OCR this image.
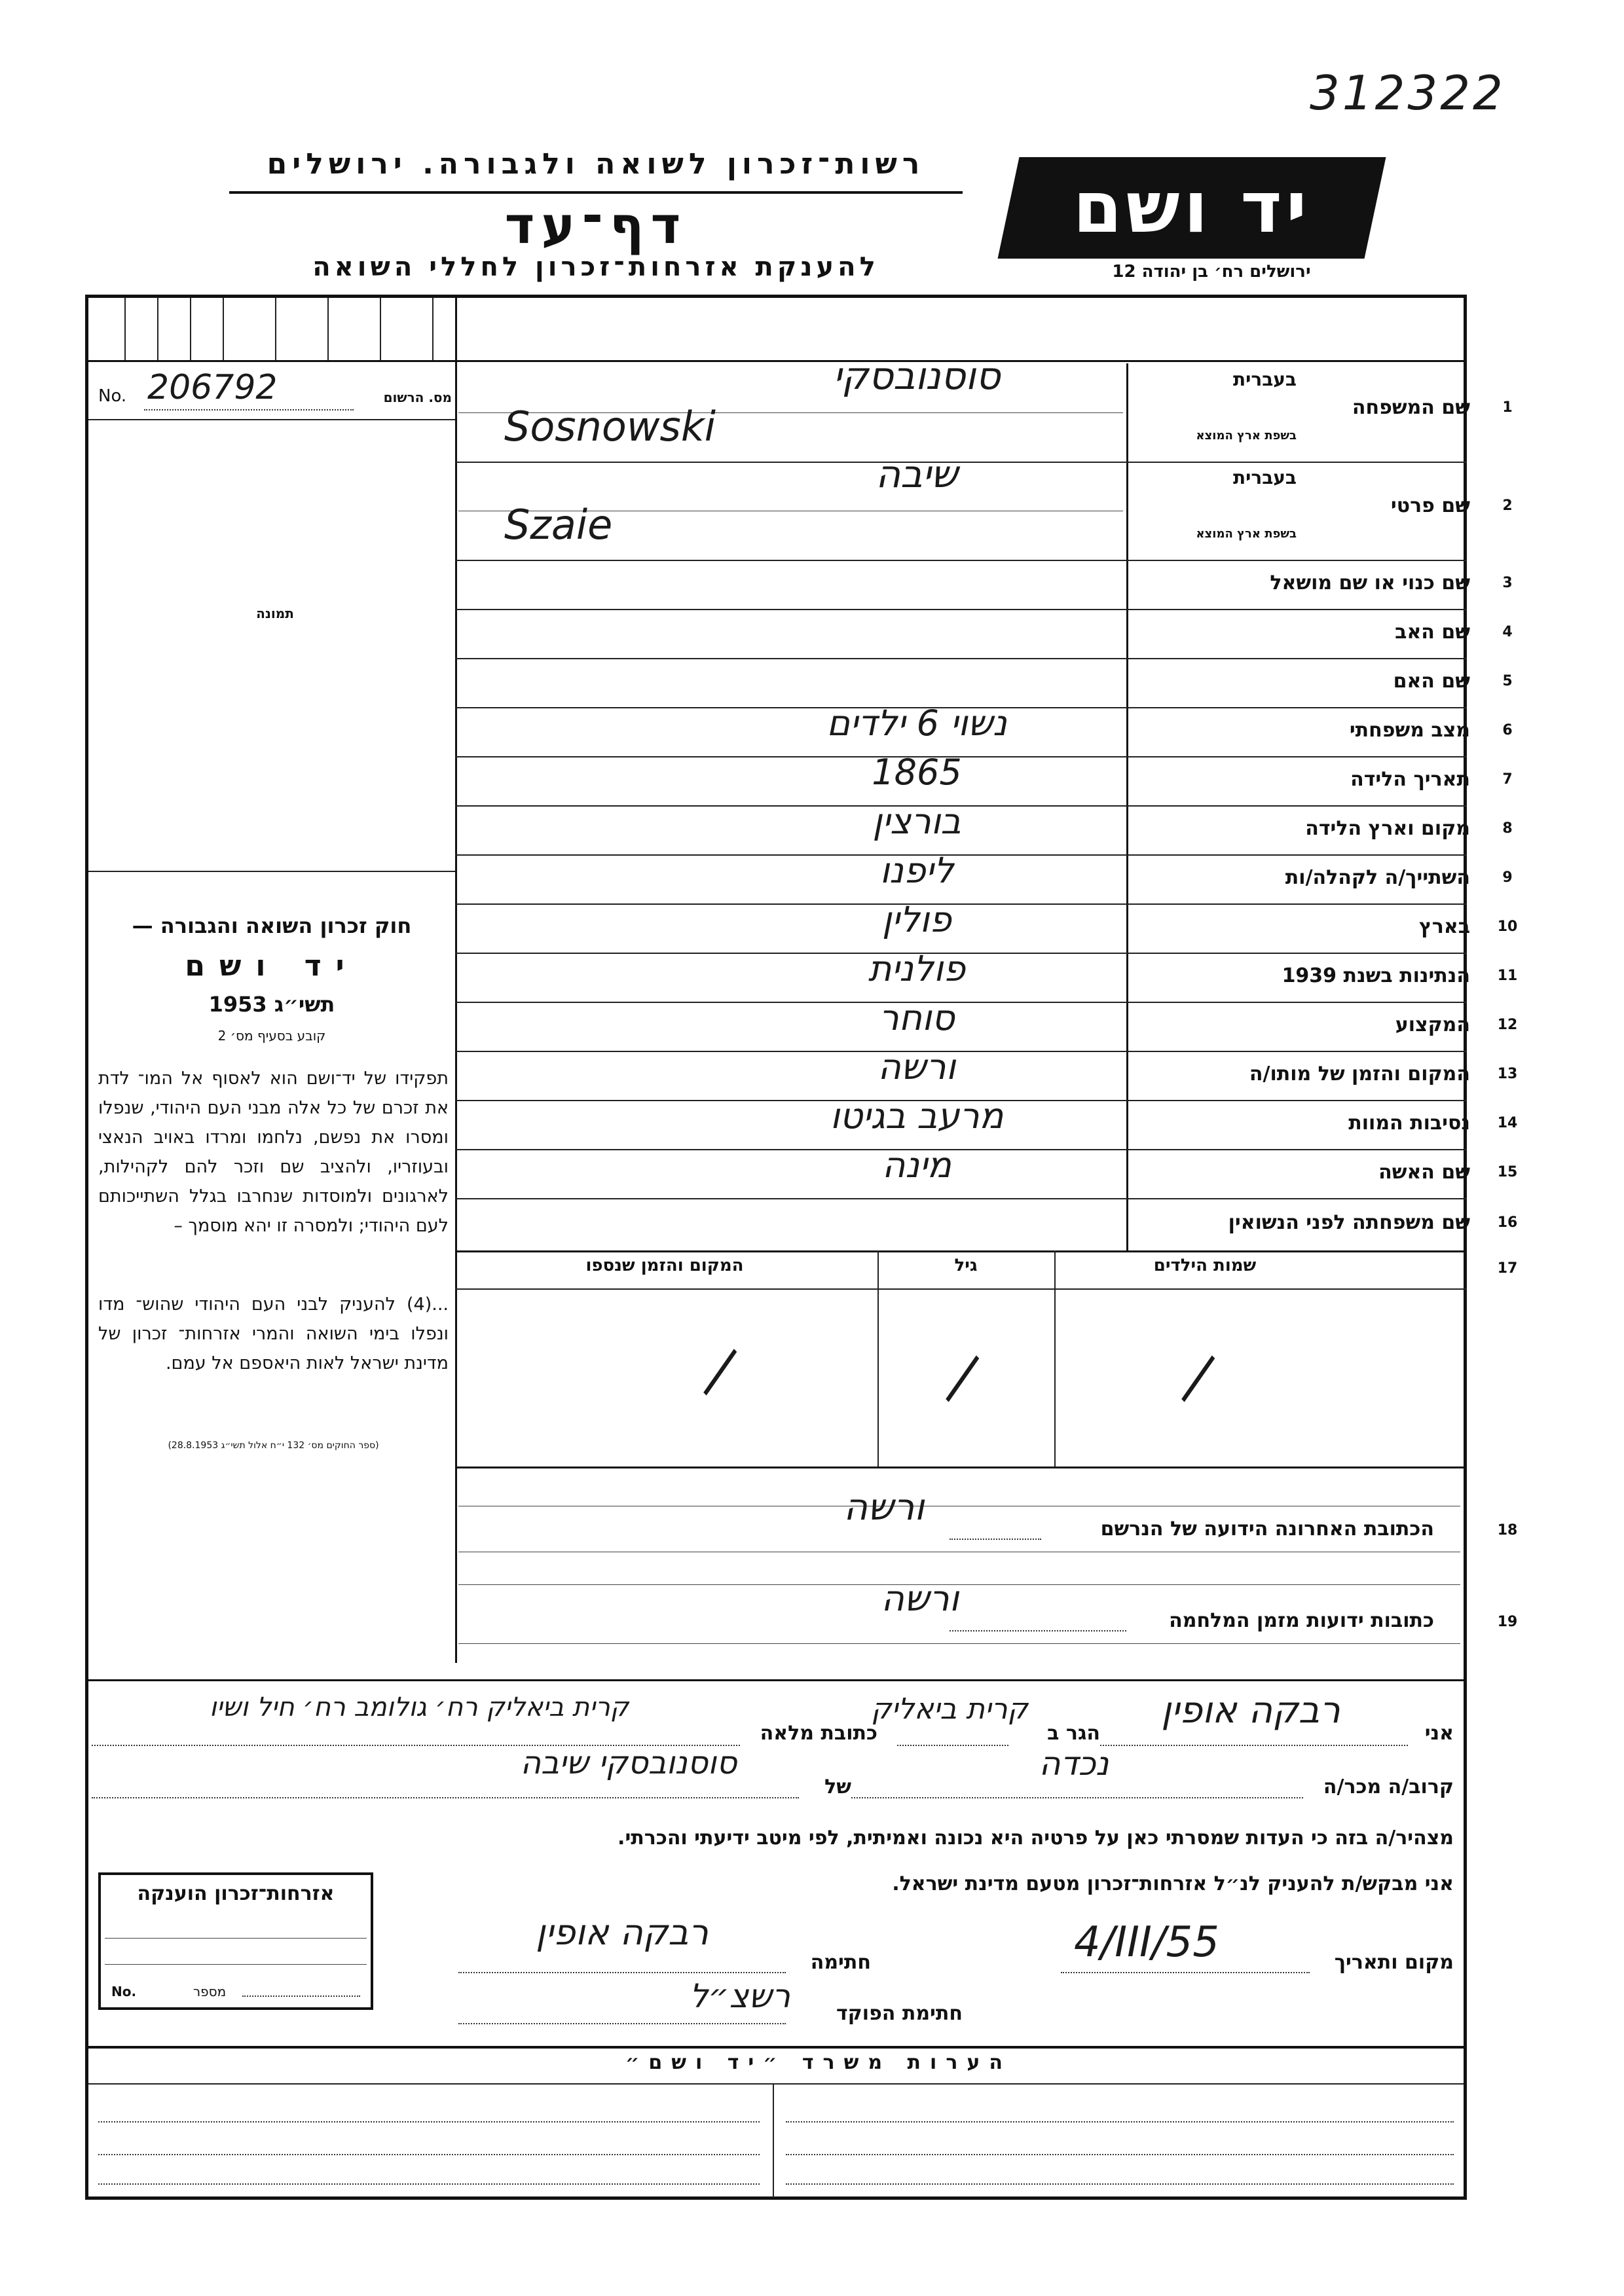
312322
רשות־זכרון לשואה ולגבורה. ירושלים
דף־עד
להענקת אזרחות־זכרון לחללי השואה
יד ושם
ירושלים רח׳ בן יהודה 12
מס. הרשום
No. 206792
תמונה
חוק זכרון השואה והגבורה —
יד ושם
תשי״ג 1953
קובע בסעיף מס׳ 2
תפקידו של יד־ושם הוא לאסוף אל המו־ לדת את זכרם של כל אלה מבני העם היהודי, שנפלו ומסרו את נפשם, נלחמו ומרדו באויב הנאצי ובעוזריו, ולהציב שם וזכר להם לקהילות, לארגונים ולמוסדות שנחרבו בגלל השתייכותם לעם היהודי; ולמסרה זו יהא מוסמך –
...(4) להעניק לבני העם היהודי שהוש־ מדו ונפלו בימי השואה והמרי אזרחות־ זכרון של מדינת ישראל לאות היאספם אל עמם.
(ספר החוקים מס׳ 132 י״ח אלול תשי״ג 28.8.1953)
1
שם המשפחה
בעברית
בשפת ארץ המוצא
סוסנובסקי
Sosnowski
2
שם פרטי
בעברית
בשפת ארץ המוצא
שיבה
Szaie
3
שם כנוי או שם מושאל
4
שם האב
5
שם האם
6
מצב משפחתי
נשוי 6 ילדים
7
תאריך הלידה
1865
8
מקום וארץ הלידה
בורצין
9
השתייך/ה לקהלה/ות
ליפנו
10
בארץ
פולין
11
הנתינות בשנת 1939
פולנית
12
המקצוע
סוחר
13
המקום והזמן של מותו/ה
ורשה
14
נסיבות המוות
מרעב בגיטו
15
שם האשה
מינה
16
שם משפחתה לפני הנשואין
17
שמות הילדים
גיל
המקום והזמן שנספו
—
—
—
18
הכתובת האחרונה הידועה של הנרשם
ורשה
19
כתובות ידועות מזמן המלחמה
ורשה
אני
רבקה אופין
הגר ב
קרית ביאליק
כתובת מלאה
קרית ביאליק רח׳ גולומב רח׳ חיל ושיו
קרוב/ה מכר/ה
נכדה
של
סוסנובסקי שיבה
מצהיר/ה בזה כי העדות שמסרתי כאן על פרטיה היא נכונה ואמיתית, לפי מיטב ידיעתי והכרתי.
אני מבקש/ת להעניק לנ״ל אזרחות־זכרון מטעם מדינת ישראל.
אזרחות־זכרון הוענקה
No.	מספר
מקום ותאריך
4/III/55
חתימה
רבקה אופין
חתימת הפוקד
רשצ״ל
הערות משרד ״יד ושם״
